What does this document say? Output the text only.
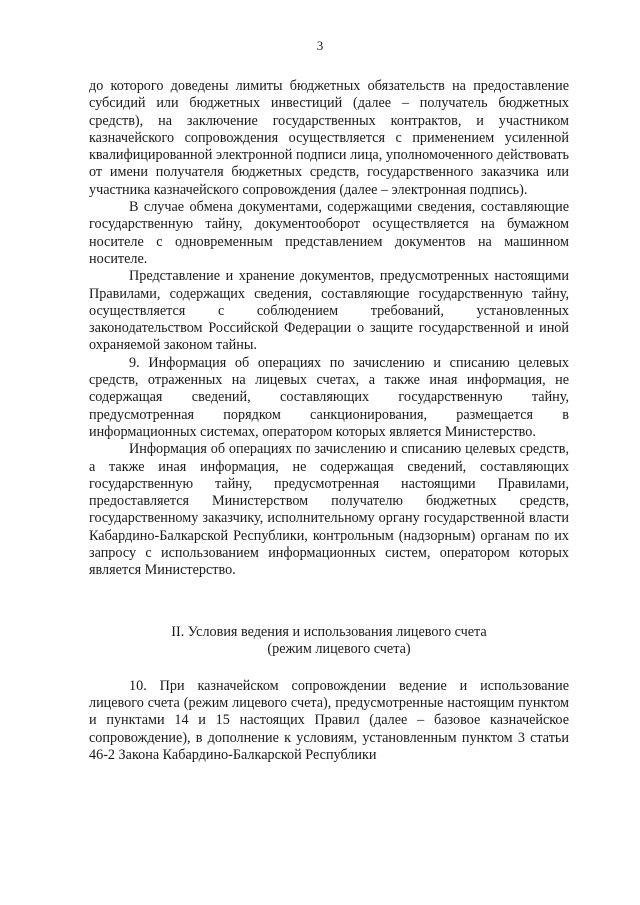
3

до которого доведены лимиты бюджетных обязательств на предоставление субсидий или бюджетных инвестиций (далее – получатель бюджетных средств), на заключение государственных контрактов, и участником казначейского сопровождения осуществляется с применением усиленной квалифицированной электронной подписи лица, уполномоченного действовать от имени получателя бюджетных средств, государственного заказчика или участника казначейского сопровождения (далее – электронная подпись).

В случае обмена документами, содержащими сведения, составляющие государственную тайну, документооборот осуществляется на бумажном носителе с одновременным представлением документов на машинном носителе.

Представление и хранение документов, предусмотренных настоящими Правилами, содержащих сведения, составляющие государственную тайну, осуществляется с соблюдением требований, установленных законодательством Российской Федерации о защите государственной и иной охраняемой законом тайны.

9. Информация об операциях по зачислению и списанию целевых средств, отраженных на лицевых счетах, а также иная информация, не содержащая сведений, составляющих государственную тайну, предусмотренная порядком санкционирования, размещается в информационных системах, оператором которых является Министерство.

Информация об операциях по зачислению и списанию целевых средств, а также иная информация, не содержащая сведений, составляющих государственную тайну, предусмотренная настоящими Правилами, предоставляется Министерством получателю бюджетных средств, государственному заказчику, исполнительному органу государственной власти Кабардино-Балкарской Республики, контрольным (надзорным) органам по их запросу с использованием информационных систем, оператором которых является Министерство.

II. Условия ведения и использования лицевого счета
(режим лицевого счета)

10. При казначейском сопровождении ведение и использование лицевого счета (режим лицевого счета), предусмотренные настоящим пунктом и пунктами 14 и 15 настоящих Правил (далее – базовое казначейское сопровождение), в дополнение к условиям, установленным пунктом 3 статьи 46-2 Закона Кабардино-Балкарской Республики
